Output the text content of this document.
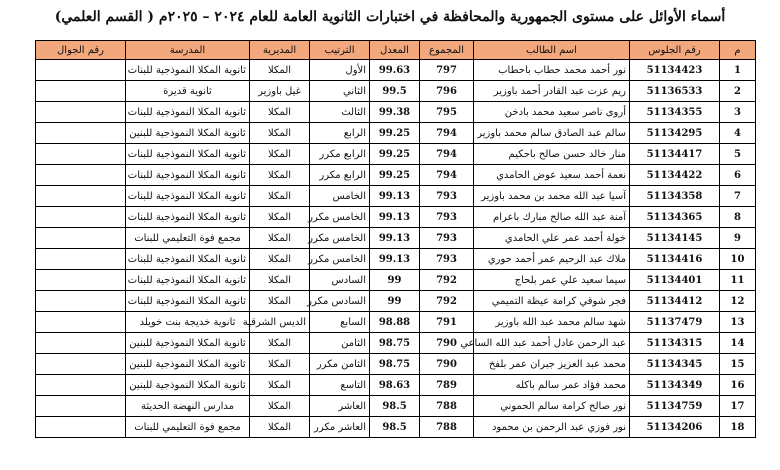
أسماء الأوائل على مستوى الجمهورية والمحافظة في اختبارات الثانوية العامة للعام ٢٠٢٤ – ٢٠٢٥م ( القسم العلمي)
م	رقم الجلوس	اسم الطالب	المجموع	المعدل	الترتيب	المديرية	المدرسة	رقم الجوال
1	51134423	نور أحمد محمد حطاب باحطاب	797	99.63	الأول	المكلا	ثانوية المكلا النموذجية للبنات	
2	51136533	ريم عزت عبد القادر أحمد باوزير	796	99.5	الثاني	غيل باوزير	ثانوية قديرة	
3	51134355	أروى ناصر سعيد محمد بادخن	795	99.38	الثالث	المكلا	ثانوية المكلا النموذجية للبنات	
4	51134295	سالم عبد الصادق سالم محمد باوزير	794	99.25	الرابع	المكلا	ثانوية المكلا النموذجية للبنين	
5	51134417	منار خالد حسن صالح باحكيم	794	99.25	الرابع مكرر	المكلا	ثانوية المكلا النموذجية للبنات	
6	51134422	نعمة أحمد سعيد عوض الحامدي	794	99.25	الرابع مكرر	المكلا	ثانوية المكلا النموذجية للبنات	
7	51134358	آسيا عبد الله محمد بن محمد باوزير	793	99.13	الخامس	المكلا	ثانوية المكلا النموذجية للبنات	
8	51134365	آمنة عبد الله صالح مبارك باعرام	793	99.13	الخامس مكرر	المكلا	ثانوية المكلا النموذجية للبنات	
9	51134145	خولة أحمد عمر علي الحامدي	793	99.13	الخامس مكرر	المكلا	مجمع فوة التعليمي للبنات	
10	51134416	ملاك عبد الرحيم عمر أحمد حوري	793	99.13	الخامس مكرر	المكلا	ثانوية المكلا النموذجية للبنات	
11	51134401	سيما سعيد علي عمر بلحاج	792	99	السادس	المكلا	ثانوية المكلا النموذجية للبنات	
12	51134412	فجر شوقي كرامة عيظة التميمي	792	99	السادس مكرر	المكلا	ثانوية المكلا النموذجية للبنات	
13	51137479	شهد سالم محمد عبد الله باوزير	791	98.88	السابع	الديس الشرقية	ثانوية خديجة بنت خويلد	
14	51134315	عبد الرحمن عادل أحمد عبد الله الساعي	790	98.75	الثامن	المكلا	ثانوية المكلا النموذجية للبنين	
15	51134345	محمد عبد العزيز جبران عمر بلفخ	790	98.75	الثامن مكرر	المكلا	ثانوية المكلا النموذجية للبنين	
16	51134349	محمد فؤاد عمر سالم باكله	789	98.63	التاسع	المكلا	ثانوية المكلا النموذجية للبنين	
17	51134759	نور صالح كرامة سالم الحموني	788	98.5	العاشر	المكلا	مدارس النهضة الحديثة	
18	51134206	نور فوزي عبد الرحمن بن محمود	788	98.5	العاشر مكرر	المكلا	مجمع فوة التعليمي للبنات	
